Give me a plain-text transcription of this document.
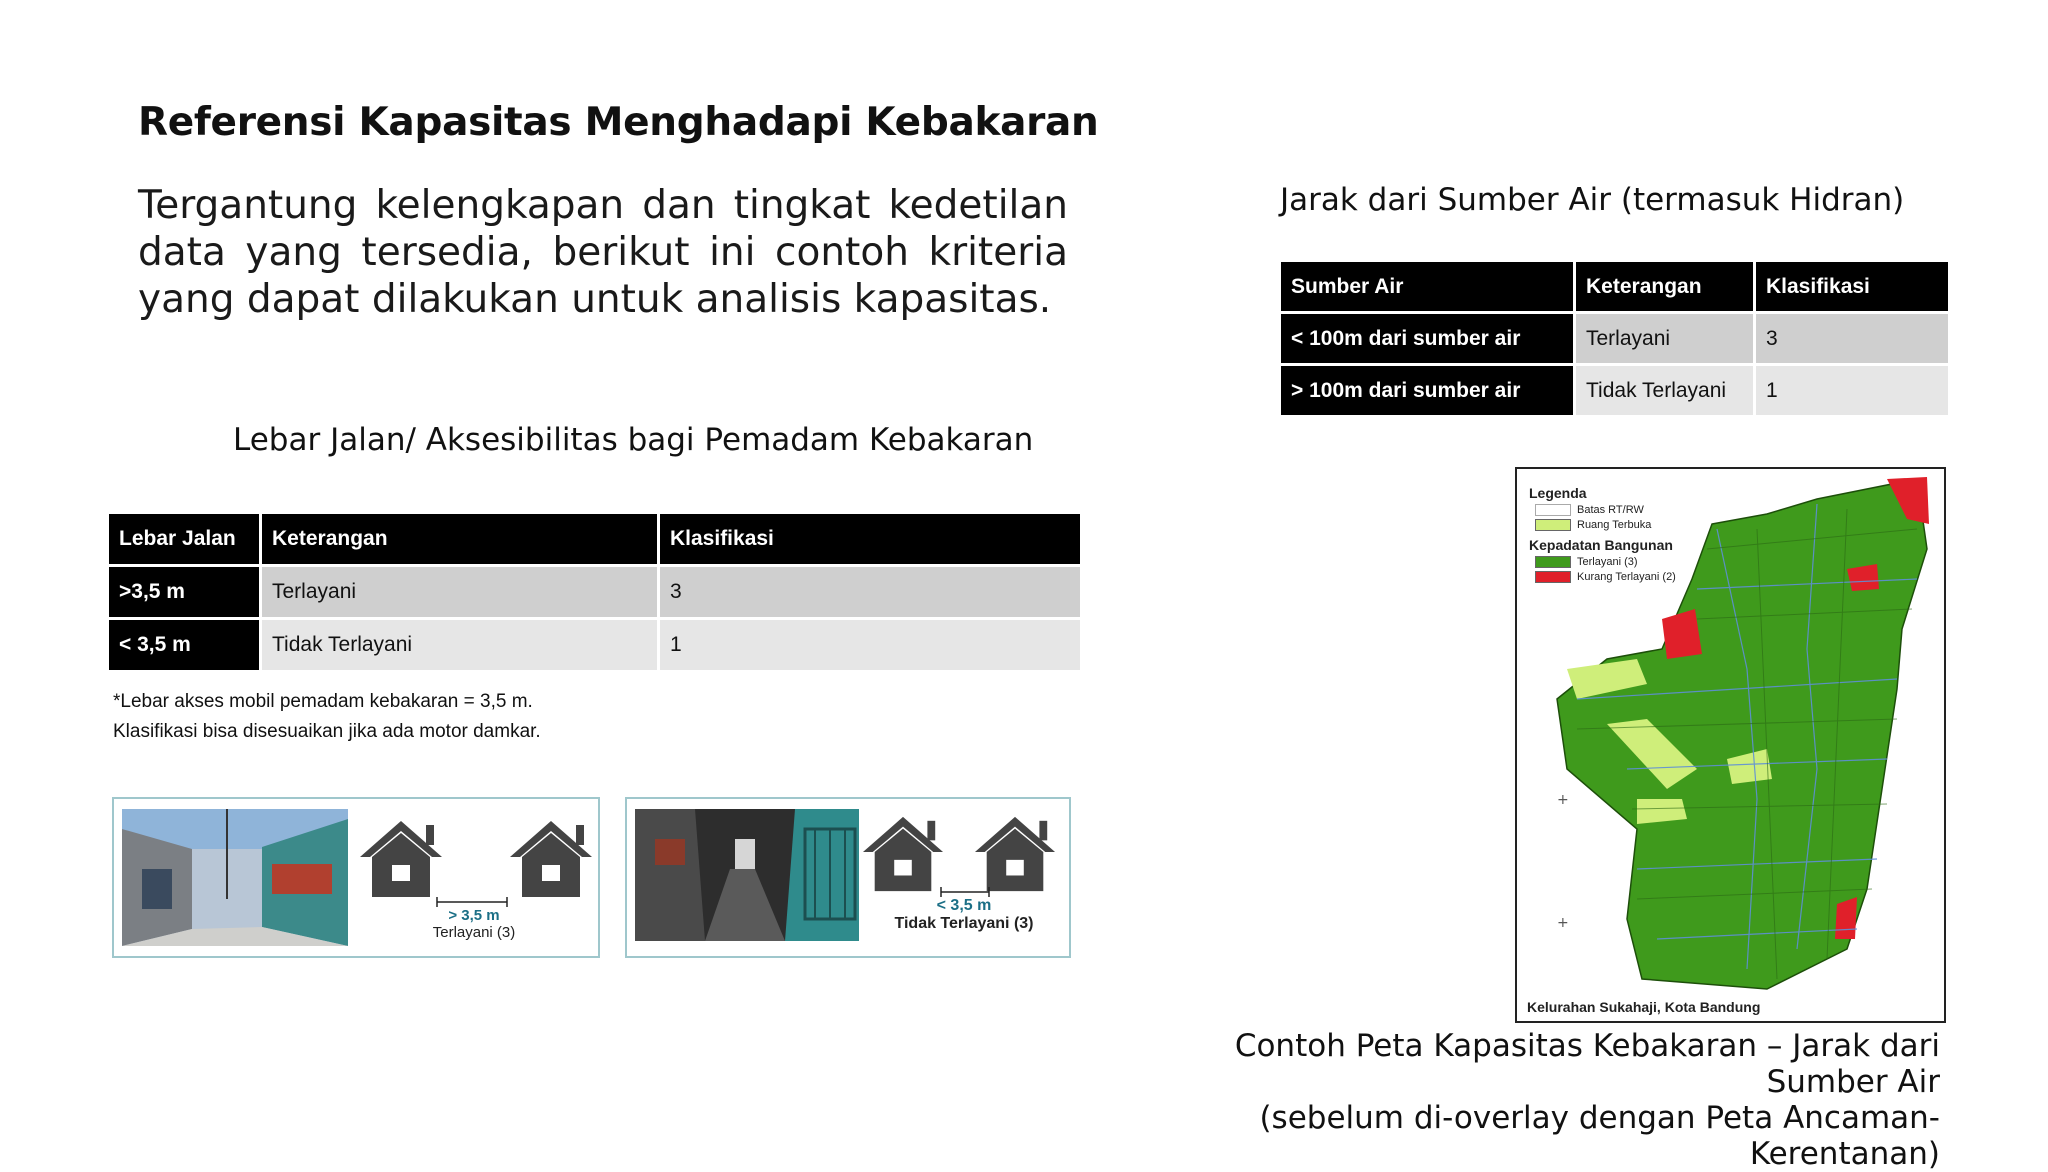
Referensi Kapasitas Menghadapi Kebakaran
Tergantung kelengkapan dan tingkat kedetilan
data yang tersedia, berikut ini contoh kriteria
yang dapat dilakukan untuk analisis kapasitas.
Lebar Jalan/ Aksesibilitas bagi Pemadam Kebakaran
Lebar Jalan	Keterangan	Klasifikasi
>3,5 m	Terlayani	3
< 3,5 m	Tidak Terlayani	1
*Lebar akses mobil pemadam kebakaran = 3,5 m.
Klasifikasi bisa disesuaikan jika ada motor damkar.
> 3,5 m
Terlayani (3)
< 3,5 m
Tidak Terlayani (3)
Jarak dari Sumber Air (termasuk Hidran)
Sumber Air	Keterangan	Klasifikasi
< 100m dari sumber air	Terlayani	3
> 100m dari sumber air	Tidak Terlayani	1
+
+
Legenda
Batas RT/RW
Ruang Terbuka
Kepadatan Bangunan
Terlayani (3)
Kurang Terlayani (2)
Kelurahan Sukahaji, Kota Bandung
Contoh Peta Kapasitas Kebakaran – Jarak dari
Sumber Air
(sebelum di-overlay dengan Peta Ancaman-
Kerentanan)
